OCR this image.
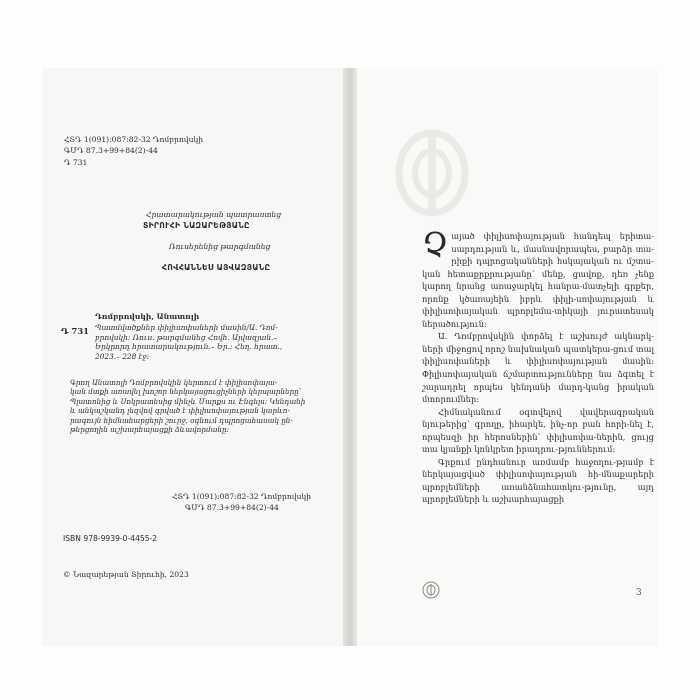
ՀՏԴ 1(091):087:82-32 Դոմբրովսկի
ԳՄԴ 87.3+99+84(2)-44
Դ 731
Հրատարակության պատրաստեց
ՏԻՐՈՒՀԻ ՆԱԶԱՐԵԹՅԱՆԸ
Ռուսերենից թարգմանեց
ՀՈՎՀԱՆՆԵՍ ԱՅՎԱԶՅԱՆԸ
Դոմբրովսկի, Անատոլի
Դ 731 Պատմվածքներ փիլիսոփաների մասին/Ա. Դոմ-
բրովսկի: Ռուս. թարգմանեց Հովհ. Այվազյան.–
Երկրորդ հրատարակություն.– Եր.: Հեղ. հրատ.,
2023.– 228 էջ:
Գրող Անատոլի Դոմբրովսկին կերտում է փիլիսոփայա-
կան մտքի առավել խոշոր ներկայացուցիչների կերպարները՝
Պլատոնից և Սոկրատեսից մինչև Մարքս ու Էնգելս: Կենդանի
և անկաշկանդ լեզվով գրված է փիլիսոփայության կարևո-
րագույն հիմնահարցերի շուրջ, օգնում դպրոցահասակ ըն-
թերցողին աշխարհայացքի ձևավորմանը:
ՀՏԴ 1(091):087:82-32 Դոմբրովսկի
ԳՄԴ 87.3+99+84(2)-44
ISBN 978-9939-0-4455-2
© Նազարեթյան Տիրուհի, 2023

Չայած փիլիսոփայության հանդեպ երիտա-սարդության և, մասնավորապես, բարձր տա-րիքի դպրոցականների հսկայական ու մշտա-կան հետաքրքրությանը՝ մենք, ցավոք, դեռ չենք կարող նրանց առաջարկել հանրա-մատչելի գրքեր, որոնք կծառայեին իբրև փիլի-սոփայության և փիլիսոփայական պրոբլեմա-տիկայի յուրատեսակ ներածություն:

Ա. Դոմբրովսկին փորձել է աշխույժ ակնարկ-ների միջոցով որոշ նախնական պատկերա-ցում տալ փիլիսոփաների և փիլիսոփայության մասին: Փիլիսոփայական ճշմարտությունները նա ձգտել է շարադրել որպես կենդանի մարդ-կանց իրական մտորումներ:

Հիմնականում օգտվելով վավերագրական նյութերից՝ գրողը, իհարկե, ինչ-որ բան հորի-նել է, որպեսզի իր հերոսներին՝ փիլիսոփա-ներին, ցույց տա կյանքի կոնկրետ իրադրու-թյուններում:

Գրքում ընդհանուր առմամբ հաջողու-թյամբ է ներկայացված փիլիսոփայության հի-մնաքարերի պրոբլեմների առանձնահատկու-թյունը, այդ պրոբլեմների և աշխարհայացքի

3
